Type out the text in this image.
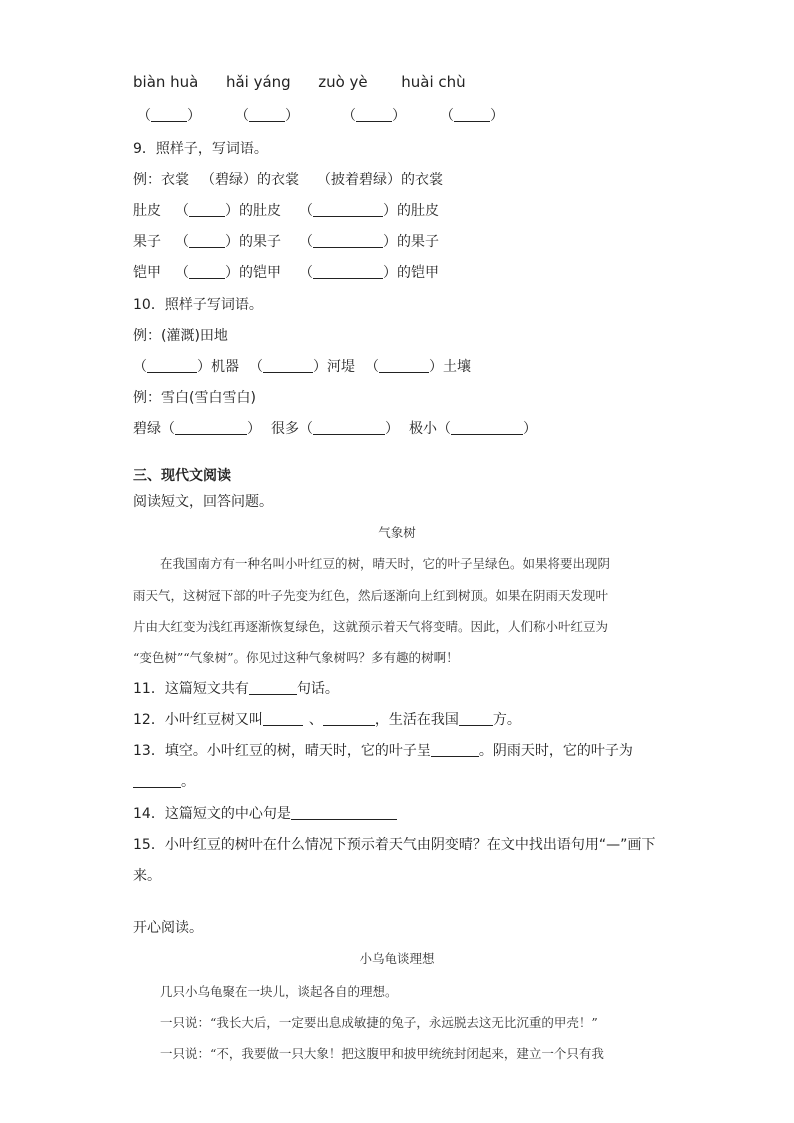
biàn huà hǎi yáng zuò yè huài chù
（	） （	）	（	） （	）
9．照样子，写词语。
例：衣裳 （碧绿）的衣裳 （披着碧绿）的衣裳
肚皮 （	）的肚皮 （	）的肚皮
果子 （	）的果子 （	）的果子
铠甲 （	）的铠甲 （	）的铠甲
10．照样子写词语。
例：(灌溉)田地
（	）机器 （	）河堤 （	）土壤
例：雪白(雪白雪白)
碧绿（	） 很多（	） 极小（	）
三、现代文阅读
阅读短文，回答问题。
气象树
在我国南方有一种名叫小叶红豆的树，晴天时，它的叶子呈绿色。如果将要出现阴
雨天气，这树冠下部的叶子先变为红色，然后逐渐向上红到树顶。如果在阴雨天发现叶
片由大红变为浅红再逐渐恢复绿色，这就预示着天气将变晴。因此，人们称小叶红豆为
“变色树”“气象树”。你见过这种气象树吗？多有趣的树啊！
11．这篇短文共有	句话。
12．小叶红豆树又叫	、	，生活在我国 方。
13．填空。小叶红豆的树，晴天时，它的叶子呈	。阴雨天时，它的叶子为
。
14．这篇短文的中心句是
15．小叶红豆的树叶在什么情况下预示着天气由阴变晴？在文中找出语句用“—”画下
来。
开心阅读。
小乌龟谈理想
几只小乌龟聚在一块儿，谈起各自的理想。
一只说：“我长大后，一定要出息成敏捷的兔子，永远脱去这无比沉重的甲壳！”
一只说：“不，我要做一只大象！把这腹甲和披甲统统封闭起来，建立一个只有我
